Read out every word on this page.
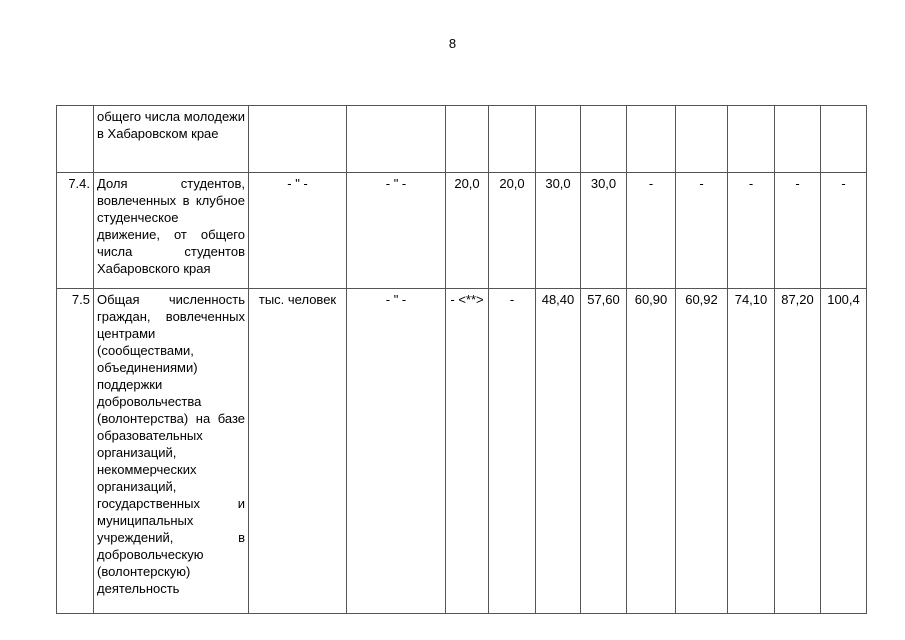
8
	общего числа молодежи в Хабаровском крае											
7.4.	Доля студентов, вовлеченных в клубное студенческое движение, от общего числа студентов Хабаровского края	- " -	- " -	20,0	20,0	30,0	30,0	-	-	-	-	-
7.5	Общая численность граждан, вовлеченных центрами (сообществами, объединениями) поддержки добровольчества (волонтерства) на базе образовательных организаций, некоммерческих организаций, государственных и муниципальных учреждений, в добровольческую (волонтерскую) деятельность	тыс. человек	- " -	- <**>	-	48,40	57,60	60,90	60,92	74,10	87,20	100,4
